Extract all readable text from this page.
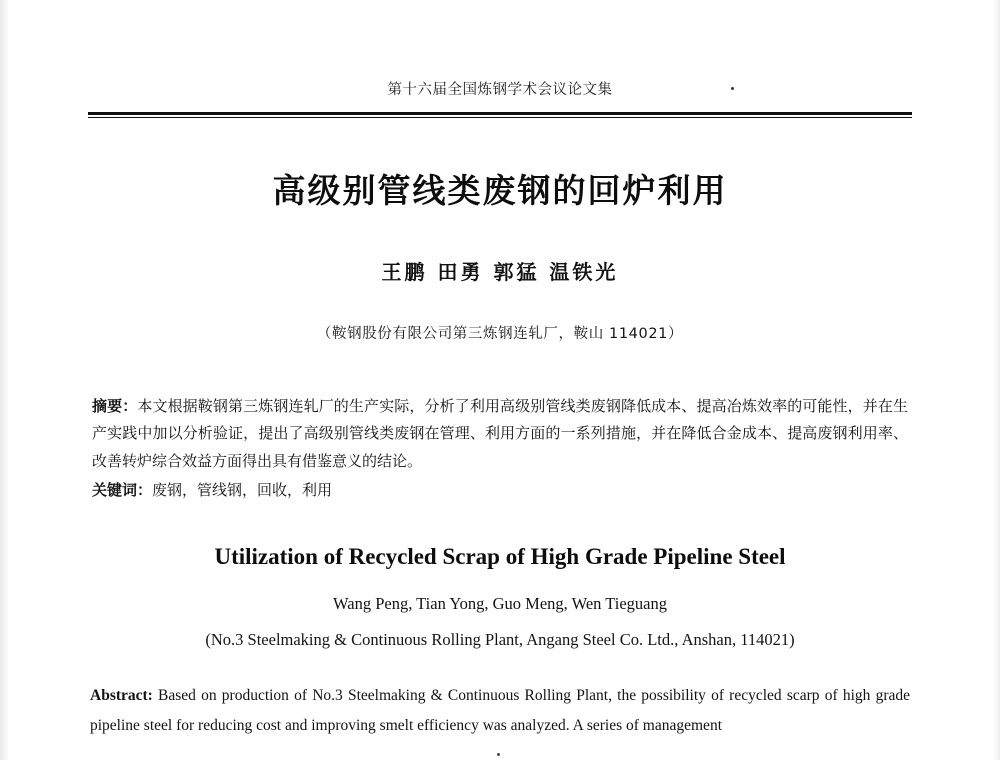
第十六届全国炼钢学术会议论文集
高级别管线类废钢的回炉利用
王鹏 田勇 郭猛 温铁光
（鞍钢股份有限公司第三炼钢连轧厂，鞍山 114021）
摘要：本文根据鞍钢第三炼钢连轧厂的生产实际，分析了利用高级别管线类废钢降低成本、提高冶炼效率的可能性，并在生产实践中加以分析验证，提出了高级别管线类废钢在管理、利用方面的一系列措施，并在降低合金成本、提高废钢利用率、改善转炉综合效益方面得出具有借鉴意义的结论。
关键词：废钢，管线钢，回收，利用
Utilization of Recycled Scrap of High Grade Pipeline Steel
Wang Peng, Tian Yong, Guo Meng, Wen Tieguang
(No.3 Steelmaking & Continuous Rolling Plant, Angang Steel Co. Ltd., Anshan, 114021)
Abstract: Based on production of No.3 Steelmaking & Continuous Rolling Plant, the possibility of recycled scarp of high grade pipeline steel for reducing cost and improving smelt efficiency was analyzed. A series of management
